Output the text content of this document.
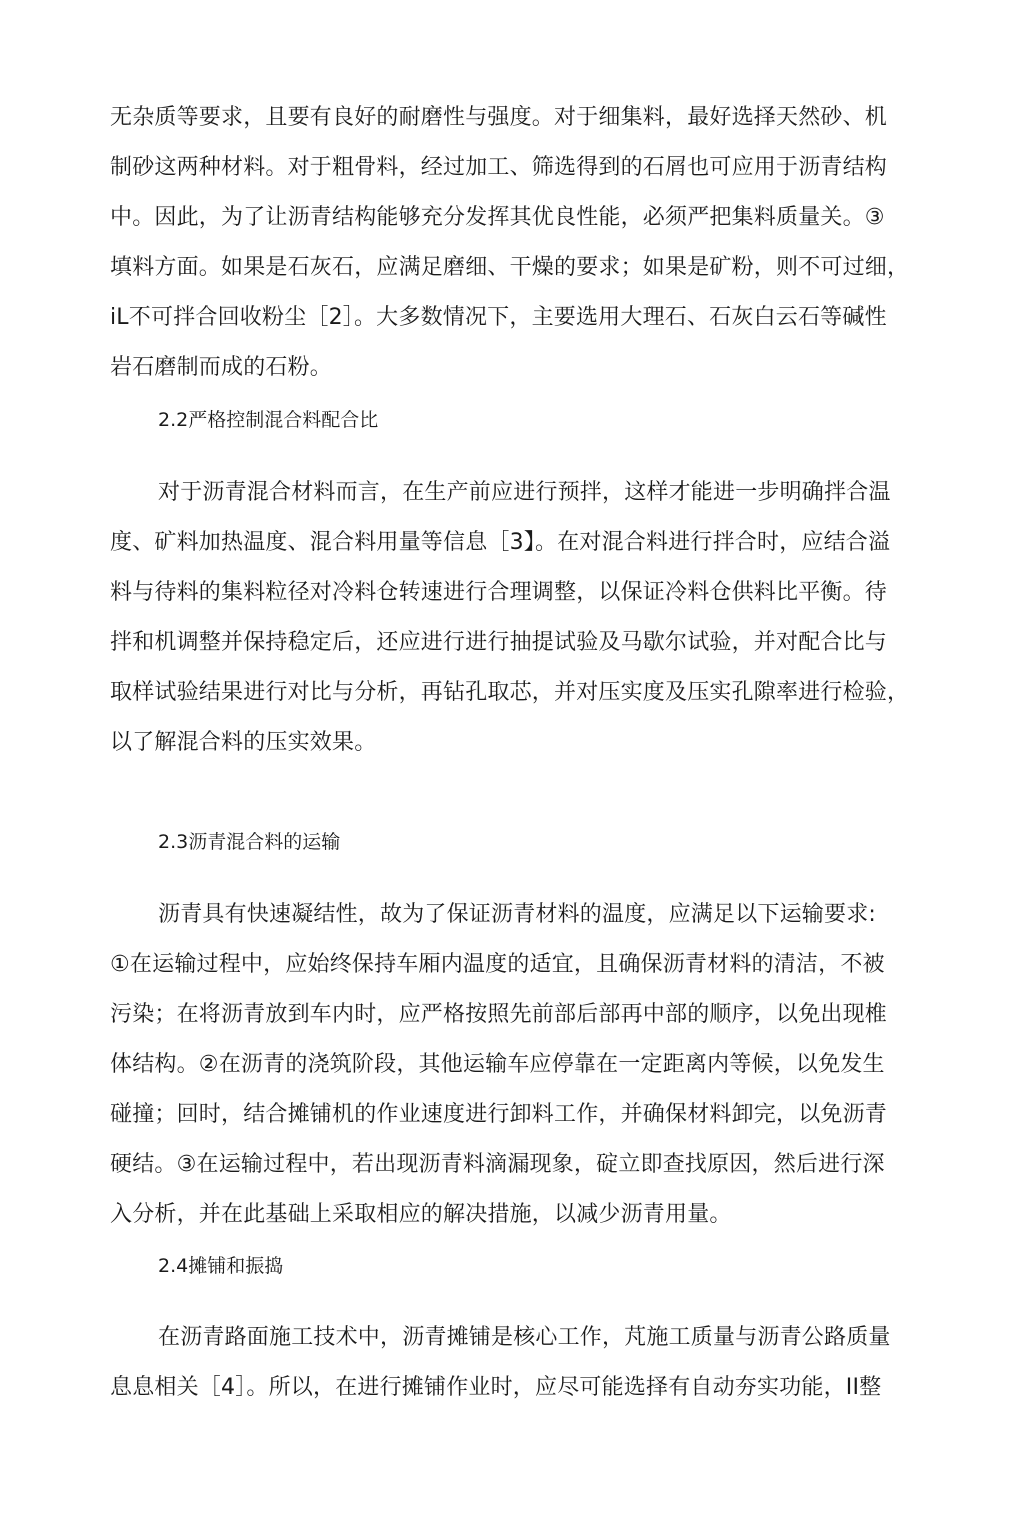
无杂质等要求，且要有良好的耐磨性与强度。对于细集料，最好选择天然砂、机

制砂这两种材料。对于粗骨料，经过加工、筛选得到的石屑也可应用于沥青结构

中。因此，为了让沥青结构能够充分发挥其优良性能，必须严把集料质量关。③

填料方面。如果是石灰石，应满足磨细、干燥的要求；如果是矿粉，则不可过细，

iL不可拌合回收粉尘［2］。大多数情况下，主要选用大理石、石灰白云石等碱性

岩石磨制而成的石粉。

2.2严格控制混合料配合比

对于沥青混合材料而言，在生产前应进行预拌，这样才能进一步明确拌合温

度、矿料加热温度、混合料用量等信息［3】。在对混合料进行拌合时，应结合溢

料与待料的集料粒径对冷料仓转速进行合理调整，以保证冷料仓供料比平衡。待

拌和机调整并保持稳定后，还应进行进行抽提试验及马歇尔试验，并对配合比与

取样试验结果进行对比与分析，再钻孔取芯，并对压实度及压实孔隙率进行检验，

以了解混合料的压实效果。

2.3沥青混合料的运输

沥青具有快速凝结性，故为了保证沥青材料的温度，应满足以下运输要求:

①在运输过程中，应始终保持车厢内温度的适宜，且确保沥青材料的清洁，不被

污染；在将沥青放到车内时，应严格按照先前部后部再中部的顺序，以免出现椎

体结构。②在沥青的浇筑阶段，其他运输车应停靠在一定距离内等候，以免发生

碰撞；回时，结合摊铺机的作业速度进行卸料工作，并确保材料卸完，以免沥青

硬结。③在运输过程中，若出现沥青料滴漏现象，碇立即查找原因，然后进行深

入分析，并在此基础上采取相应的解决措施，以减少沥青用量。

2.4摊铺和振捣

在沥青路面施工技术中，沥青摊铺是核心工作，芃施工质量与沥青公路质量

息息相关［4］。所以，在进行摊铺作业时，应尽可能选择有自动夯实功能，II整
